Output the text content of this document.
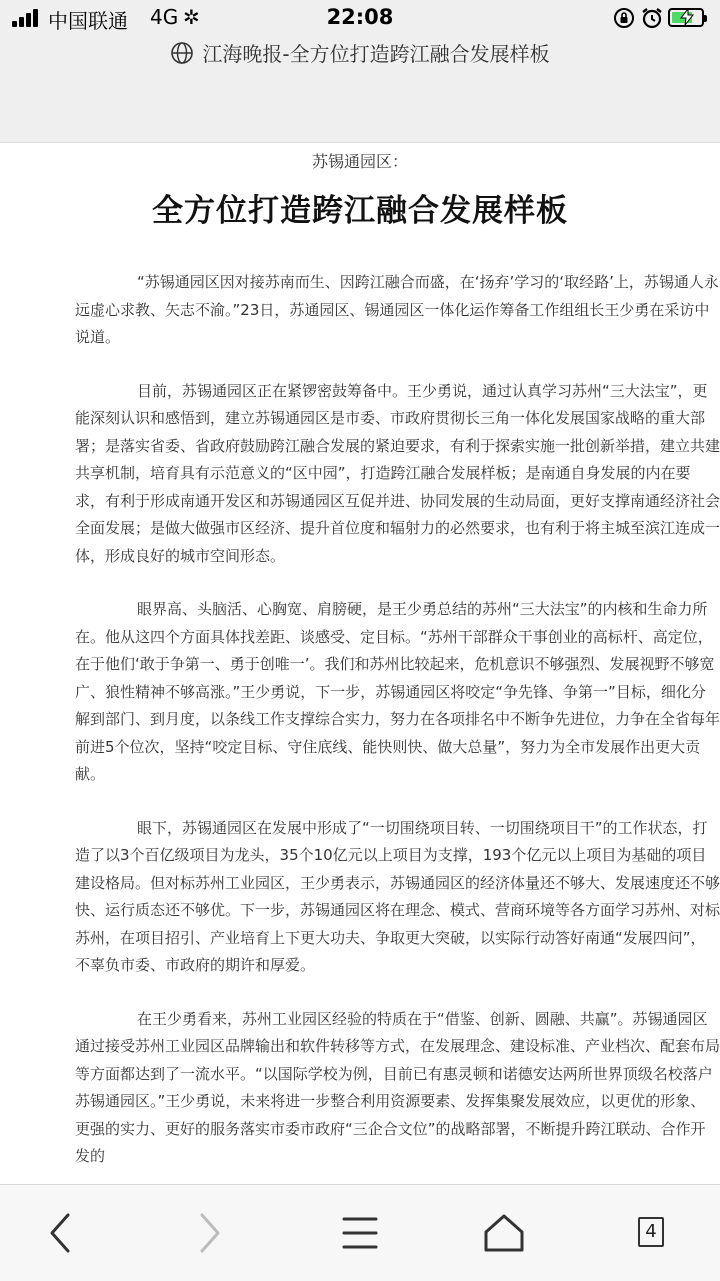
中国联通 4G ✲	22:08
江海晚报-全方位打造跨江融合发展样板
苏锡通园区：
全方位打造跨江融合发展样板

“苏锡通园区因对接苏南而生、因跨江融合而盛，在‘扬弃’学习的‘取经路’上，苏锡通人永远虚心求教、矢志不渝。”23日，苏通园区、锡通园区一体化运作筹备工作组组长王少勇在采访中说道。

目前，苏锡通园区正在紧锣密鼓筹备中。王少勇说，通过认真学习苏州“三大法宝”，更能深刻认识和感悟到，建立苏锡通园区是市委、市政府贯彻长三角一体化发展国家战略的重大部署；是落实省委、省政府鼓励跨江融合发展的紧迫要求，有利于探索实施一批创新举措，建立共建共享机制，培育具有示范意义的“区中园”，打造跨江融合发展样板；是南通自身发展的内在要求，有利于形成南通开发区和苏锡通园区互促并进、协同发展的生动局面，更好支撑南通经济社会全面发展；是做大做强市区经济、提升首位度和辐射力的必然要求，也有利于将主城至滨江连成一体，形成良好的城市空间形态。

眼界高、头脑活、心胸宽、肩膀硬，是王少勇总结的苏州“三大法宝”的内核和生命力所在。他从这四个方面具体找差距、谈感受、定目标。“苏州干部群众干事创业的高标杆、高定位，在于他们‘敢于争第一、勇于创唯一’。我们和苏州比较起来，危机意识不够强烈、发展视野不够宽广、狼性精神不够高涨。”王少勇说，下一步，苏锡通园区将咬定“争先锋、争第一”目标，细化分解到部门、到月度，以条线工作支撑综合实力，努力在各项排名中不断争先进位，力争在全省每年前进5个位次，坚持“咬定目标、守住底线、能快则快、做大总量”，努力为全市发展作出更大贡献。

眼下，苏锡通园区在发展中形成了“一切围绕项目转、一切围绕项目干”的工作状态，打造了以3个百亿级项目为龙头，35个10亿元以上项目为支撑，193个亿元以上项目为基础的项目建设格局。但对标苏州工业园区，王少勇表示，苏锡通园区的经济体量还不够大、发展速度还不够快、运行质态还不够优。下一步，苏锡通园区将在理念、模式、营商环境等各方面学习苏州、对标苏州，在项目招引、产业培育上下更大功夫、争取更大突破，以实际行动答好南通“发展四问”，不辜负市委、市政府的期许和厚爱。

在王少勇看来，苏州工业园区经验的特质在于“借鉴、创新、圆融、共赢”。苏锡通园区通过接受苏州工业园区品牌输出和软件转移等方式，在发展理念、建设标准、产业档次、配套布局等方面都达到了一流水平。“以国际学校为例，目前已有惠灵顿和诺德安达两所世界顶级名校落户苏锡通园区。”王少勇说，未来将进一步整合利用资源要素、发挥集聚发展效应，以更优的形象、更强的实力、更好的服务落实市委市政府“三企合文位”的战略部署，不断提升跨江联动、合作开发的

4
